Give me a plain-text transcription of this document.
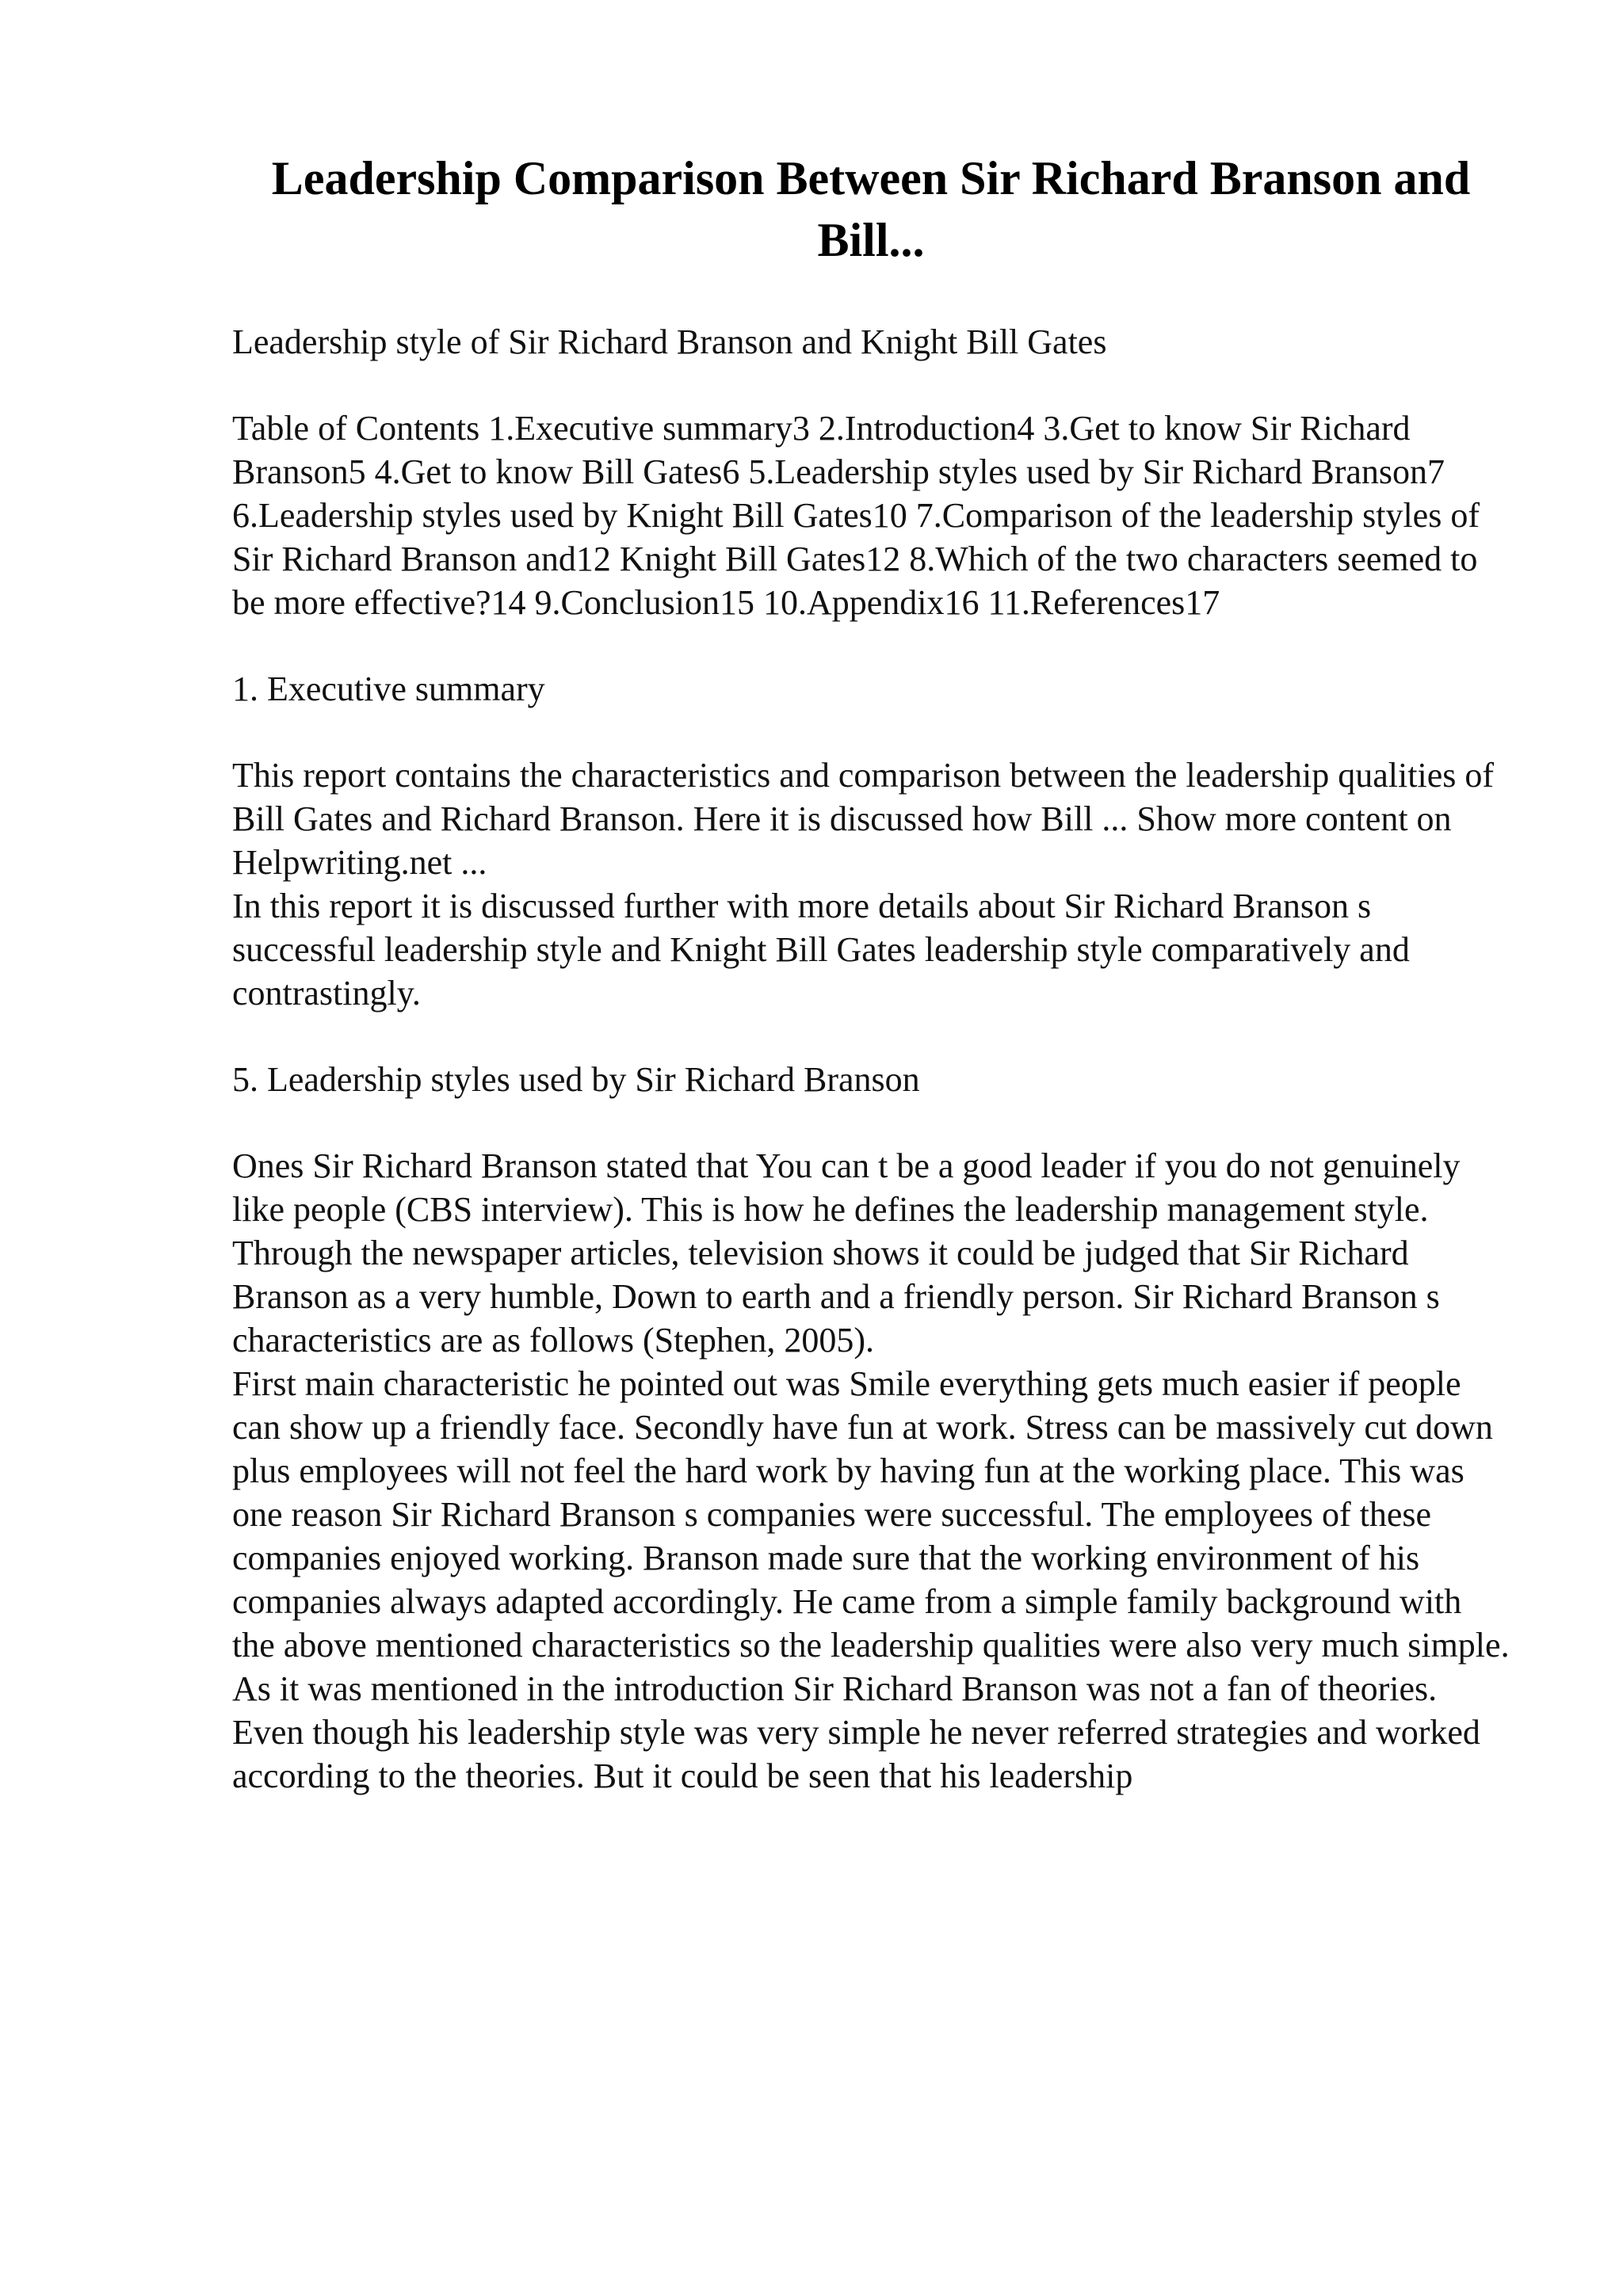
Leadership Comparison Between Sir Richard Branson and Bill...

Leadership style of Sir Richard Branson and Knight Bill Gates

Table of Contents 1.Executive summary3 2.Introduction4 3.Get to know Sir Richard Branson5 4.Get to know Bill Gates6 5.Leadership styles used by Sir Richard Branson7 6.Leadership styles used by Knight Bill Gates10 7.Comparison of the leadership styles of Sir Richard Branson and12 Knight Bill Gates12 8.Which of the two characters seemed to be more effective?14 9.Conclusion15 10.Appendix16 11.References17

1. Executive summary

This report contains the characteristics and comparison between the leadership qualities of Bill Gates and Richard Branson. Here it is discussed how Bill ... Show more content on Helpwriting.net ...

In this report it is discussed further with more details about Sir Richard Branson s successful leadership style and Knight Bill Gates leadership style comparatively and contrastingly.

5. Leadership styles used by Sir Richard Branson

Ones Sir Richard Branson stated that You can t be a good leader if you do not genuinely like people (CBS interview). This is how he defines the leadership management style. Through the newspaper articles, television shows it could be judged that Sir Richard Branson as a very humble, Down to earth and a friendly person. Sir Richard Branson s characteristics are as follows (Stephen, 2005).

First main characteristic he pointed out was Smile everything gets much easier if people can show up a friendly face. Secondly have fun at work. Stress can be massively cut down plus employees will not feel the hard work by having fun at the working place. This was one reason Sir Richard Branson s companies were successful. The employees of these companies enjoyed working. Branson made sure that the working environment of his companies always adapted accordingly. He came from a simple family background with the above mentioned characteristics so the leadership qualities were also very much simple. As it was mentioned in the introduction Sir Richard Branson was not a fan of theories. Even though his leadership style was very simple he never referred strategies and worked according to the theories. But it could be seen that his leadership
